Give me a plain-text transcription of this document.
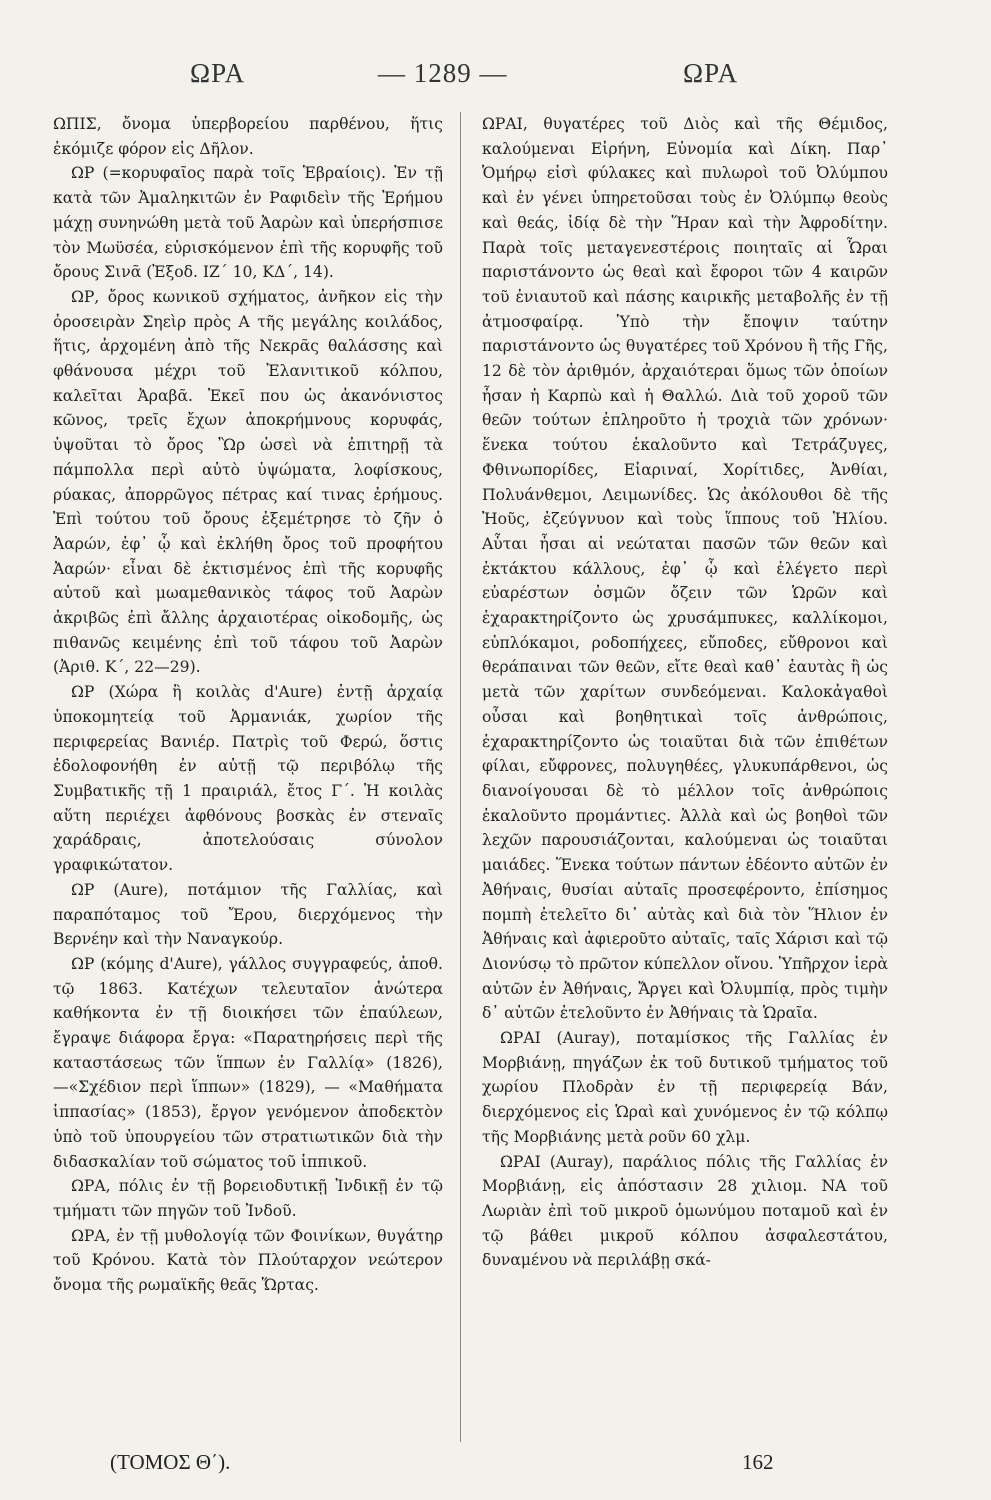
ΩΡΑ	— 1289 —	ΩΡΑ

ΩΠΙΣ, ὄνομα ὑπερβορείου παρθένου, ἥτις ἐκόμιζε φόρον εἰς Δῆλον.

ΩΡ (=κορυφαῖος παρὰ τοῖς Ἑβραίοις). Ἐν τῇ κατὰ τῶν Ἀμαληκιτῶν ἐν Ραφιδεὶν τῆς Ἐρήμου μάχῃ συνηνώθη μετὰ τοῦ Ἀαρὼν καὶ ὑπερήσπισε τὸν Μωϋσέα, εὑρισκόμενον ἐπὶ τῆς κορυφῆς τοῦ ὄρους Σινᾶ (Ἐξοδ. ΙΖ΄ 10, ΚΔ΄, 14).

ΩΡ, ὄρος κωνικοῦ σχήματος, ἀνῆκον εἰς τὴν ὀροσειρὰν Σηεὶρ πρὸς Α τῆς μεγάλης κοιλάδος, ἥτις, ἀρχομένη ἀπὸ τῆς Νεκρᾶς θαλάσσης καὶ φθάνουσα μέχρι τοῦ Ἐλανιτικοῦ κόλπου, καλεῖται Ἀραβᾶ. Ἐκεῖ που ὡς ἀκανόνιστος κῶνος, τρεῖς ἔχων ἀποκρήμνους κορυφάς, ὑψοῦται τὸ ὄρος Ὢρ ὡσεὶ νὰ ἐπιτηρῇ τὰ πάμπολλα περὶ αὐτὸ ὑψώματα, λοφίσκους, ρύακας, ἀπορρῶγος πέτρας καί τινας ἐρήμους. Ἐπὶ τούτου τοῦ ὄρους ἐξεμέτρησε τὸ ζῆν ὁ Ἀαρών, ἐφ᾽ ᾧ καὶ ἐκλήθη ὄρος τοῦ προφήτου Ἀαρών· εἶναι δὲ ἐκτισμένος ἐπὶ τῆς κορυφῆς αὐτοῦ καὶ μωαμεθανικὸς τάφος τοῦ Ἀαρὼν ἀκριβῶς ἐπὶ ἄλλης ἀρχαιοτέρας οἰκοδομῆς, ὡς πιθανῶς κειμένης ἐπὶ τοῦ τάφου τοῦ Ἀαρὼν (Ἀριθ. Κ΄, 22—29).

ΩΡ (Χώρα ἢ κοιλὰς d'Aure) ἐντῇ ἀρχαίᾳ ὑποκομητείᾳ τοῦ Ἀρμανιάκ, χωρίον τῆς περιφερείας Βανιέρ. Πατρὶς τοῦ Φερώ, ὅστις ἐδολοφονήθη ἐν αὐτῇ τῷ περιβόλῳ τῆς Συμβατικῆς τῇ 1 πραιριάλ, ἔτος Γ΄. Ἡ κοιλὰς αὕτη περιέχει ἀφθόνους βοσκὰς ἐν στεναῖς χαράδραις, ἀποτελούσαις σύνολον γραφικώτατον.

ΩΡ (Aure), ποτάμιον τῆς Γαλλίας, καὶ παραπόταμος τοῦ Ἔρου, διερχόμενος τὴν Βερνέην καὶ τὴν Ναναγκούρ.

ΩΡ (κόμης d'Aure), γάλλος συγγραφεύς, ἀποθ. τῷ 1863. Κατέχων τελευταῖον ἀνώτερα καθήκοντα ἐν τῇ διοικήσει τῶν ἐπαύλεων, ἔγραψε διάφορα ἔργα: «Παρατηρήσεις περὶ τῆς καταστάσεως τῶν ἵππων ἐν Γαλλίᾳ» (1826), —«Σχέδιον περὶ ἵππων» (1829), — «Μαθήματα ἱππασίας» (1853), ἔργον γενόμενον ἀποδεκτὸν ὑπὸ τοῦ ὑπουργείου τῶν στρατιωτικῶν διὰ τὴν διδασκαλίαν τοῦ σώματος τοῦ ἱππικοῦ.

ΩΡΑ, πόλις ἐν τῇ βορειοδυτικῇ Ἰνδικῇ ἐν τῷ τμήματι τῶν πηγῶν τοῦ Ἰνδοῦ.

ΩΡΑ, ἐν τῇ μυθολογίᾳ τῶν Φοινίκων, θυγάτηρ τοῦ Κρόνου. Κατὰ τὸν Πλούταρχον νεώτερον ὄνομα τῆς ρωμαϊκῆς θεᾶς Ὥρτας.

ΩΡΑΙ, θυγατέρες τοῦ Διὸς καὶ τῆς Θέμιδος, καλούμεναι Εἰρήνη, Εὐνομία καὶ Δίκη. Παρ᾽ Ὁμήρῳ εἰσὶ φύλακες καὶ πυλωροὶ τοῦ Ὀλύμπου καὶ ἐν γένει ὑπηρετοῦσαι τοὺς ἐν Ὀλύμπῳ θεοὺς καὶ θεάς, ἰδίᾳ δὲ τὴν Ἥραν καὶ τὴν Ἀφροδίτην. Παρὰ τοῖς μεταγενεστέροις ποιηταῖς αἱ Ὧραι παριστάνοντο ὡς θεαὶ καὶ ἔφοροι τῶν 4 καιρῶν τοῦ ἐνιαυτοῦ καὶ πάσης καιρικῆς μεταβολῆς ἐν τῇ ἀτμοσφαίρᾳ. Ὑπὸ τὴν ἔποψιν ταύτην παριστάνοντο ὡς θυγατέρες τοῦ Χρόνου ἢ τῆς Γῆς, 12 δὲ τὸν ἀριθμόν, ἀρχαιότεραι ὅμως τῶν ὁποίων ἦσαν ἡ Καρπὼ καὶ ἡ Θαλλώ. Διὰ τοῦ χοροῦ τῶν θεῶν τούτων ἐπληροῦτο ἡ τροχιὰ τῶν χρόνων· ἕνεκα τούτου ἐκαλοῦντο καὶ Τετράζυγες, Φθινωπορίδες, Εἰαριναί, Χορίτιδες, Ἀνθίαι, Πολυάνθεμοι, Λειμωνίδες. Ὡς ἀκόλουθοι δὲ τῆς Ἠοῦς, ἐζεύγνυον καὶ τοὺς ἵππους τοῦ Ἡλίου. Αὗται ἦσαι αἱ νεώταται πασῶν τῶν θεῶν καὶ ἐκτάκτου κάλλους, ἐφ᾽ ᾧ καὶ ἐλέγετο περὶ εὐαρέστων ὀσμῶν ὄζειν τῶν Ὡρῶν καὶ ἐχαρακτηρίζοντο ὡς χρυσάμπυκες, καλλίκομοι, εὐπλόκαμοι, ροδοπήχεες, εὔποδες, εὔθρονοι καὶ θεράπαιναι τῶν θεῶν, εἴτε θεαὶ καθ᾽ ἑαυτὰς ἢ ὡς μετὰ τῶν χαρίτων συνδεόμεναι. Καλοκἀγαθοὶ οὖσαι καὶ βοηθητικαὶ τοῖς ἀνθρώποις, ἐχαρακτηρίζοντο ὡς τοιαῦται διὰ τῶν ἐπιθέτων φίλαι, εὔφρονες, πολυγηθέες, γλυκυπάρθενοι, ὡς διανοίγουσαι δὲ τὸ μέλλον τοῖς ἀνθρώποις ἐκαλοῦντο προμάντιες. Ἀλλὰ καὶ ὡς βοηθοὶ τῶν λεχῶν παρουσιάζονται, καλούμεναι ὡς τοιαῦται μαιάδες. Ἕνεκα τούτων πάντων ἐδέοντο αὐτῶν ἐν Ἀθήναις, θυσίαι αὐταῖς προσεφέροντο, ἐπίσημος πομπὴ ἐτελεῖτο δι᾽ αὐτὰς καὶ διὰ τὸν Ἥλιον ἐν Ἀθήναις καὶ ἀφιεροῦτο αὐταῖς, ταῖς Χάρισι καὶ τῷ Διονύσῳ τὸ πρῶτον κύπελλον οἴνου. Ὑπῆρχον ἱερὰ αὐτῶν ἐν Ἀθήναις, Ἄργει καὶ Ὀλυμπίᾳ, πρὸς τιμὴν δ᾽ αὐτῶν ἐτελοῦντο ἐν Ἀθήναις τὰ Ὡραῖα.

ΩΡΑΙ (Auray), ποταμίσκος τῆς Γαλλίας ἐν Μορβιάνῃ, πηγάζων ἐκ τοῦ δυτικοῦ τμήματος τοῦ χωρίου Πλοδρὰν ἐν τῇ περιφερείᾳ Βάν, διερχόμενος εἰς Ὡραὶ καὶ χυνόμενος ἐν τῷ κόλπῳ τῆς Μορβιάνης μετὰ ροῦν 60 χλμ.

ΩΡΑΙ (Auray), παράλιος πόλις τῆς Γαλλίας ἐν Μορβιάνῃ, εἰς ἀπόστασιν 28 χιλιομ. ΝΑ τοῦ Λωριὰν ἐπὶ τοῦ μικροῦ ὁμωνύμου ποταμοῦ καὶ ἐν τῷ βάθει μικροῦ κόλπου ἀσφαλεστάτου, δυναμένου νὰ περιλάβῃ σκά-

(ΤΟΜΟΣ Θ΄).	162
